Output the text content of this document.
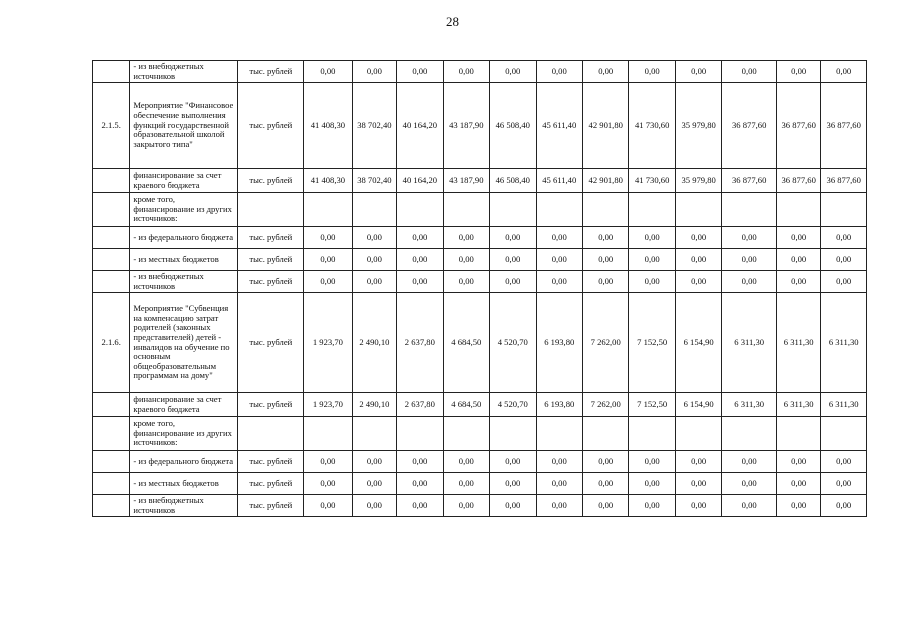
28
	- из внебюджетных источников	тыс. рублей	0,00	0,00	0,00	0,00	0,00	0,00	0,00	0,00	0,00	0,00	0,00	0,00
2.1.5.	Мероприятие "Финансовое обеспечение выполнения функций государственной образовательной школой закрытого типа"	тыс. рублей	41 408,30	38 702,40	40 164,20	43 187,90	46 508,40	45 611,40	42 901,80	41 730,60	35 979,80	36 877,60	36 877,60	36 877,60
	финансирование за счет краевого бюджета	тыс. рублей	41 408,30	38 702,40	40 164,20	43 187,90	46 508,40	45 611,40	42 901,80	41 730,60	35 979,80	36 877,60	36 877,60	36 877,60
	кроме того, финансирование из других источников:													
	- из федерального бюджета	тыс. рублей	0,00	0,00	0,00	0,00	0,00	0,00	0,00	0,00	0,00	0,00	0,00	0,00
	- из местных бюджетов	тыс. рублей	0,00	0,00	0,00	0,00	0,00	0,00	0,00	0,00	0,00	0,00	0,00	0,00
	- из внебюджетных источников	тыс. рублей	0,00	0,00	0,00	0,00	0,00	0,00	0,00	0,00	0,00	0,00	0,00	0,00
2.1.6.	Мероприятие "Субвенция на компенсацию затрат родителей (законных представителей) детей - инвалидов на обучение по основным общеобразовательным программам на дому"	тыс. рублей	1 923,70	2 490,10	2 637,80	4 684,50	4 520,70	6 193,80	7 262,00	7 152,50	6 154,90	6 311,30	6 311,30	6 311,30
	финансирование за счет краевого бюджета	тыс. рублей	1 923,70	2 490,10	2 637,80	4 684,50	4 520,70	6 193,80	7 262,00	7 152,50	6 154,90	6 311,30	6 311,30	6 311,30
	кроме того, финансирование из других источников:													
	- из федерального бюджета	тыс. рублей	0,00	0,00	0,00	0,00	0,00	0,00	0,00	0,00	0,00	0,00	0,00	0,00
	- из местных бюджетов	тыс. рублей	0,00	0,00	0,00	0,00	0,00	0,00	0,00	0,00	0,00	0,00	0,00	0,00
	- из внебюджетных источников	тыс. рублей	0,00	0,00	0,00	0,00	0,00	0,00	0,00	0,00	0,00	0,00	0,00	0,00
